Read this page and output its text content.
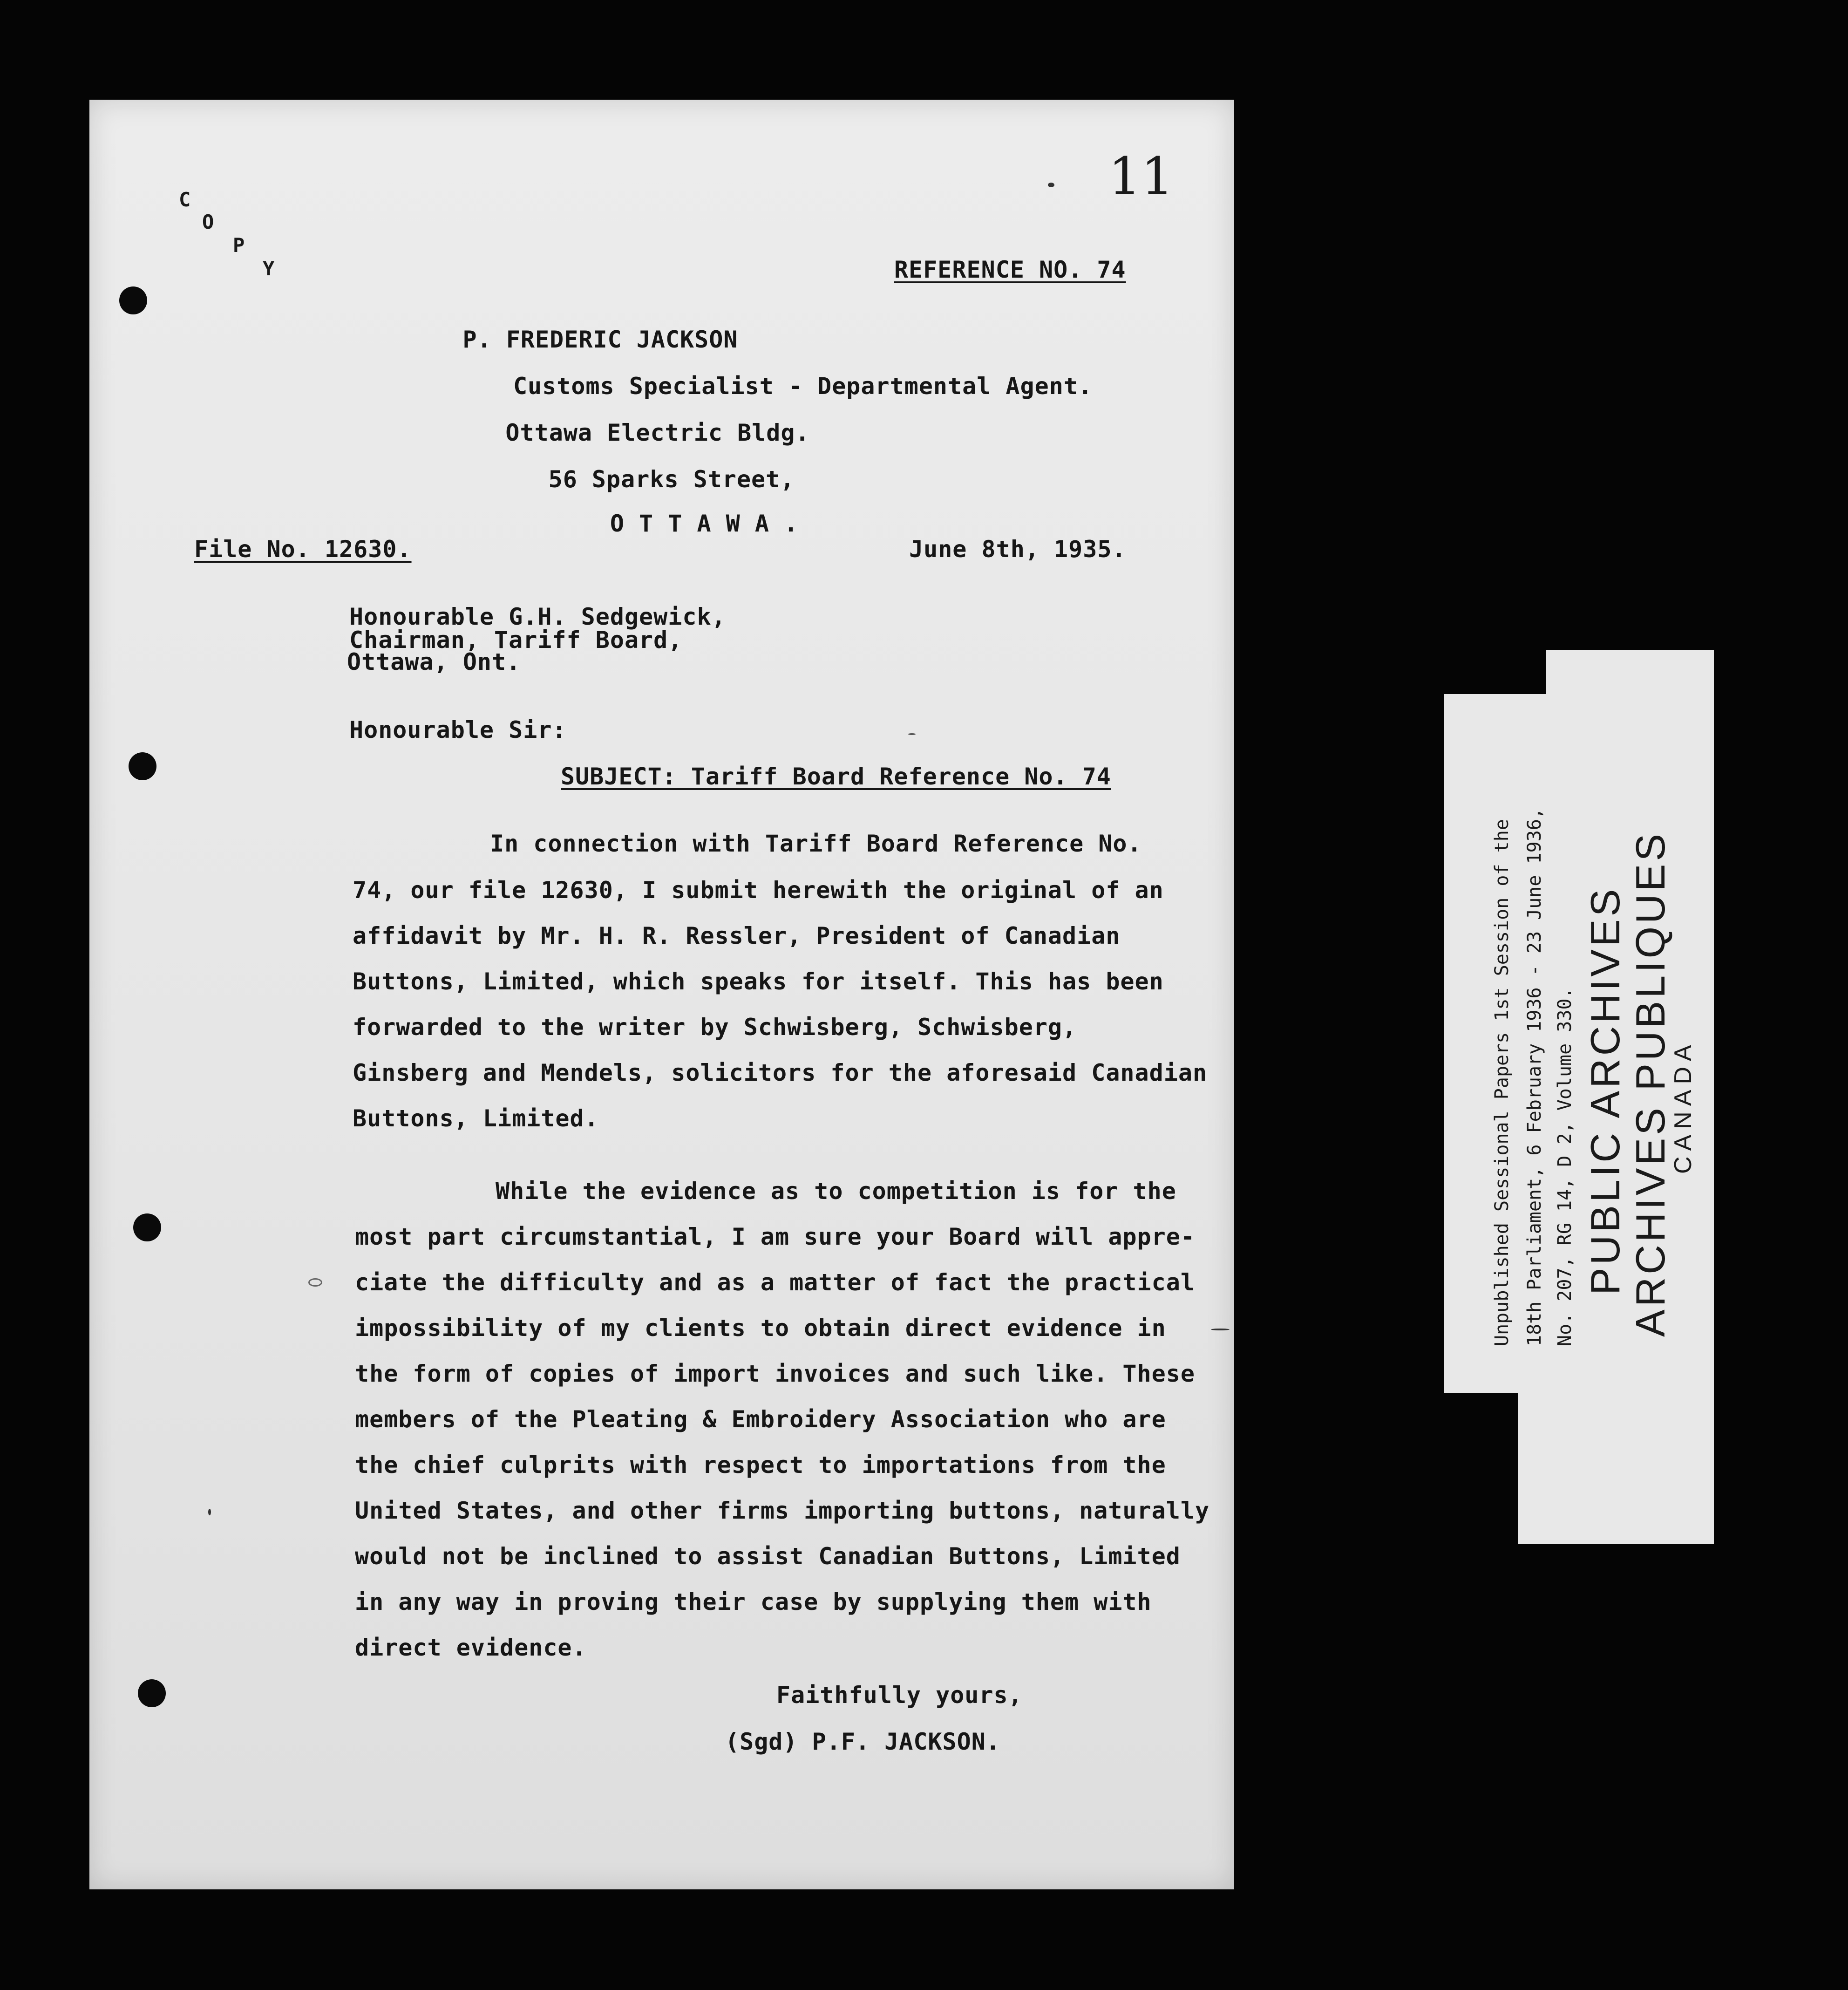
11
C
O
P
Y	REFERENCE NO. 74
P. FREDERIC JACKSON
Customs Specialist - Departmental Agent.
Ottawa Electric Bldg.
56 Sparks Street,
O T T A W A .
File No. 12630.	June 8th, 1935.
Honourable G.H. Sedgewick,
Chairman, Tariff Board,
Ottawa, Ont.
Honourable Sir:
SUBJECT: Tariff Board Reference No. 74
In connection with Tariff Board Reference No.
74, our file 12630, I submit herewith the original of an
affidavit by Mr. H. R. Ressler, President of Canadian
Buttons, Limited, which speaks for itself. This has been
forwarded to the writer by Schwisberg, Schwisberg,
Ginsberg and Mendels, solicitors for the aforesaid Canadian
Buttons, Limited.
While the evidence as to competition is for the
most part circumstantial, I am sure your Board will appre-
ciate the difficulty and as a matter of fact the practical
impossibility of my clients to obtain direct evidence in
the form of copies of import invoices and such like. These
members of the Pleating & Embroidery Association who are
the chief culprits with respect to importations from the
United States, and other firms importing buttons, naturally
would not be inclined to assist Canadian Buttons, Limited
in any way in proving their case by supplying them with
direct evidence.
Faithfully yours,
(Sgd) P.F. JACKSON.
Unpublished Sessional Papers 1st Session of the 18th Parliament, 6 February 1936 - 23 June 1936, No. 207, RG 14, D 2, Volume 330. PUBLIC ARCHIVES
ARCHIVES PUBLIQUES
CANADA
